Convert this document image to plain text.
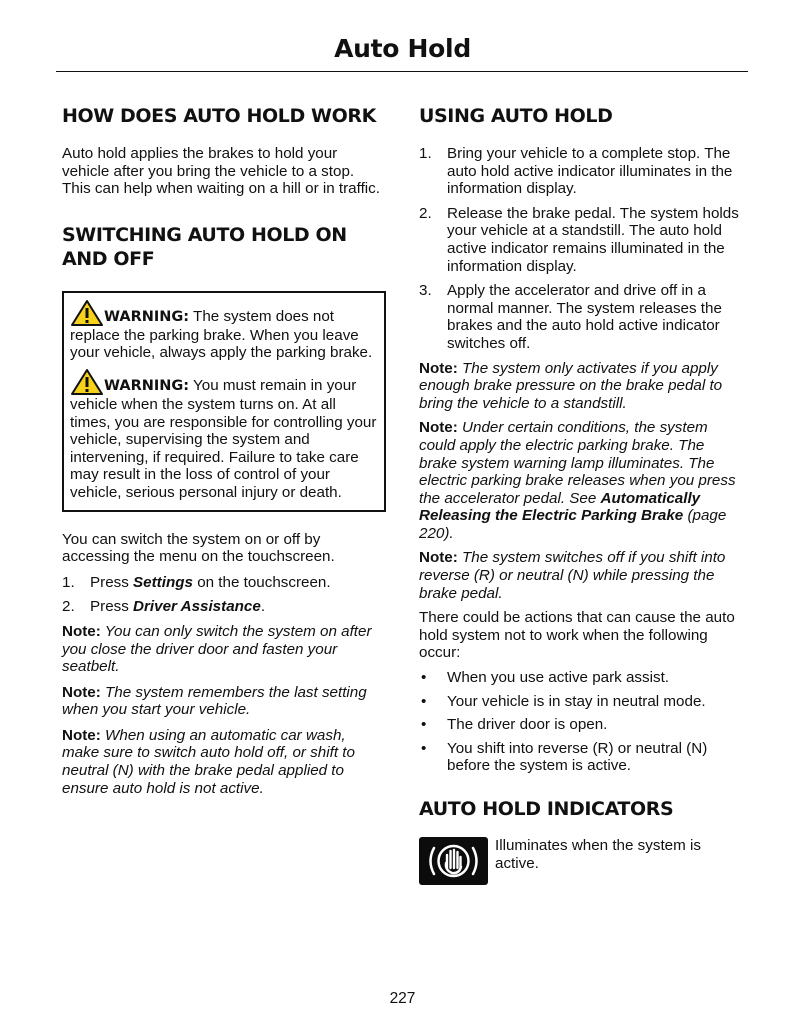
Auto Hold
HOW DOES AUTO HOLD WORK
Auto hold applies the brakes to hold your vehicle after you bring the vehicle to a stop. This can help when waiting on a hill or in traffic.
SWITCHING AUTO HOLD ON AND OFF
WARNING: The system does not replace the parking brake. When you leave your vehicle, always apply the parking brake.
WARNING: You must remain in your vehicle when the system turns on. At all times, you are responsible for controlling your vehicle, supervising the system and intervening, if required. Failure to take care may result in the loss of control of your vehicle, serious personal injury or death.
You can switch the system on or off by accessing the menu on the touchscreen.
1. Press Settings on the touchscreen.
2. Press Driver Assistance.
Note: You can only switch the system on after you close the driver door and fasten your seatbelt.
Note: The system remembers the last setting when you start your vehicle.
Note: When using an automatic car wash, make sure to switch auto hold off, or shift to neutral (N) with the brake pedal applied to ensure auto hold is not active.
USING AUTO HOLD
1. Bring your vehicle to a complete stop. The auto hold active indicator illuminates in the information display.
2. Release the brake pedal. The system holds your vehicle at a standstill. The auto hold active indicator remains illuminated in the information display.
3. Apply the accelerator and drive off in a normal manner. The system releases the brakes and the auto hold active indicator switches off.
Note: The system only activates if you apply enough brake pressure on the brake pedal to bring the vehicle to a standstill.
Note: Under certain conditions, the system could apply the electric parking brake. The brake system warning lamp illuminates. The electric parking brake releases when you press the accelerator pedal. See Automatically Releasing the Electric Parking Brake (page 220).
Note: The system switches off if you shift into reverse (R) or neutral (N) while pressing the brake pedal.
There could be actions that can cause the auto hold system not to work when the following occur:
• When you use active park assist.
• Your vehicle is in stay in neutral mode.
• The driver door is open.
• You shift into reverse (R) or neutral (N) before the system is active.
AUTO HOLD INDICATORS
Illuminates when the system is active.
227
